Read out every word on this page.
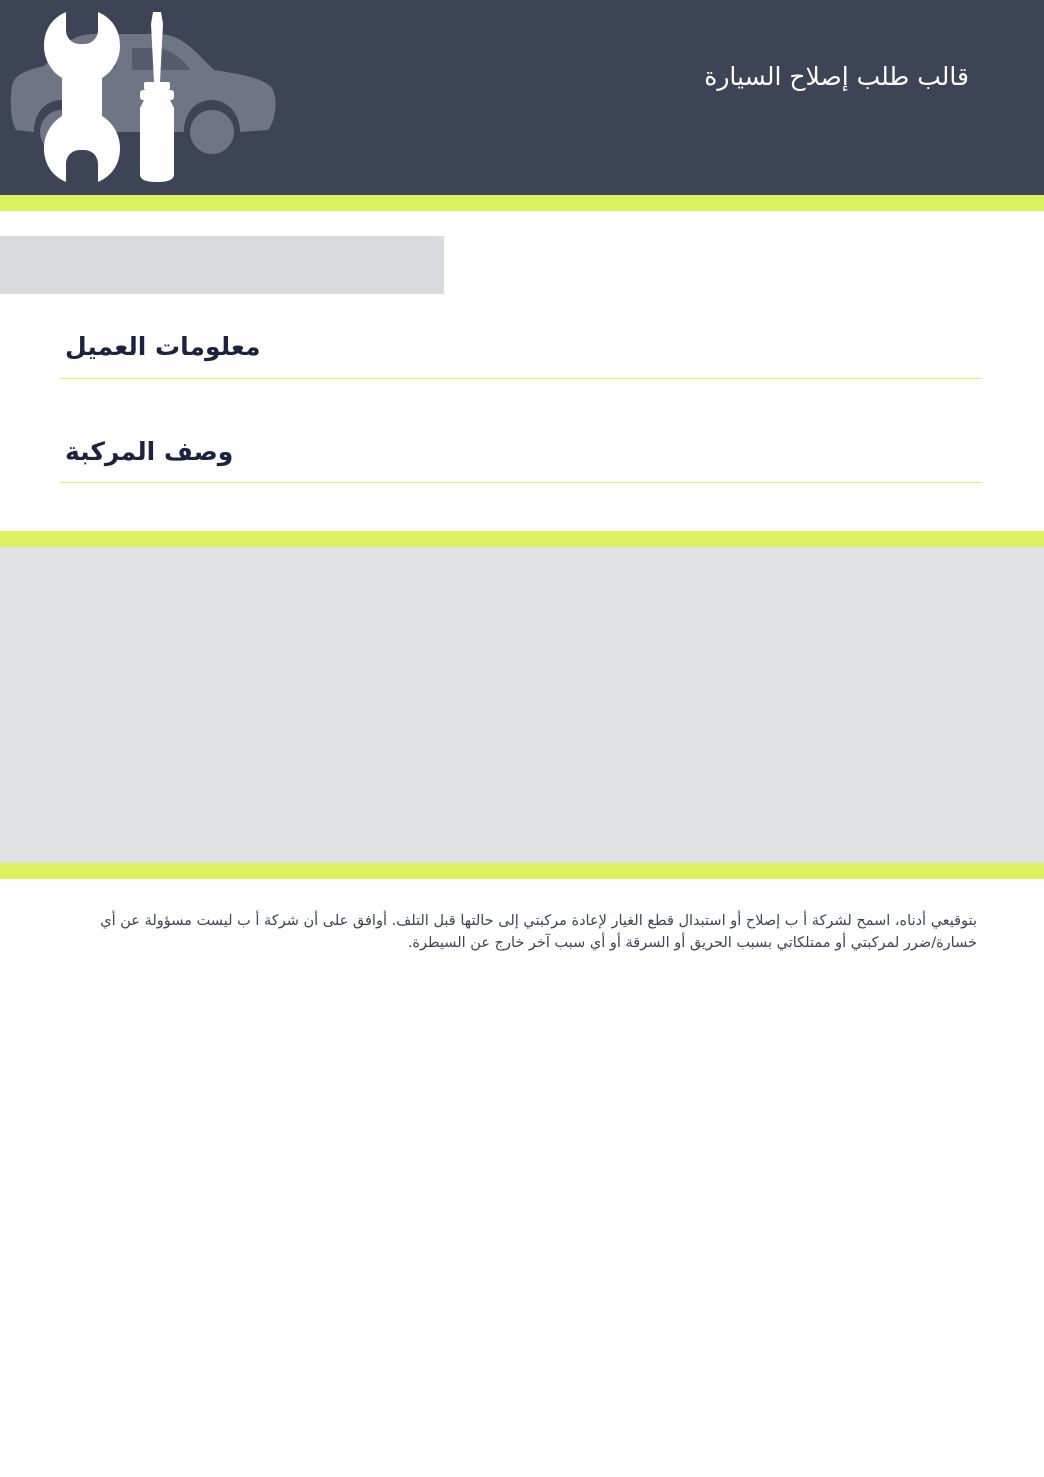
قالب طلب إصلاح السيارة
معلومات العميل
وصف المركبة
بتوقيعي أدناه، اسمح لشركة أ ب إصلاح أو استبدال قطع الغيار لإعادة مركبتي إلى حالتها قبل التلف. أوافق على أن شركة أ ب ليست مسؤولة عن أي خسارة/ضرر لمركبتي أو ممتلكاتي بسبب الحريق أو السرقة أو أي سبب آخر خارج عن السيطرة.
